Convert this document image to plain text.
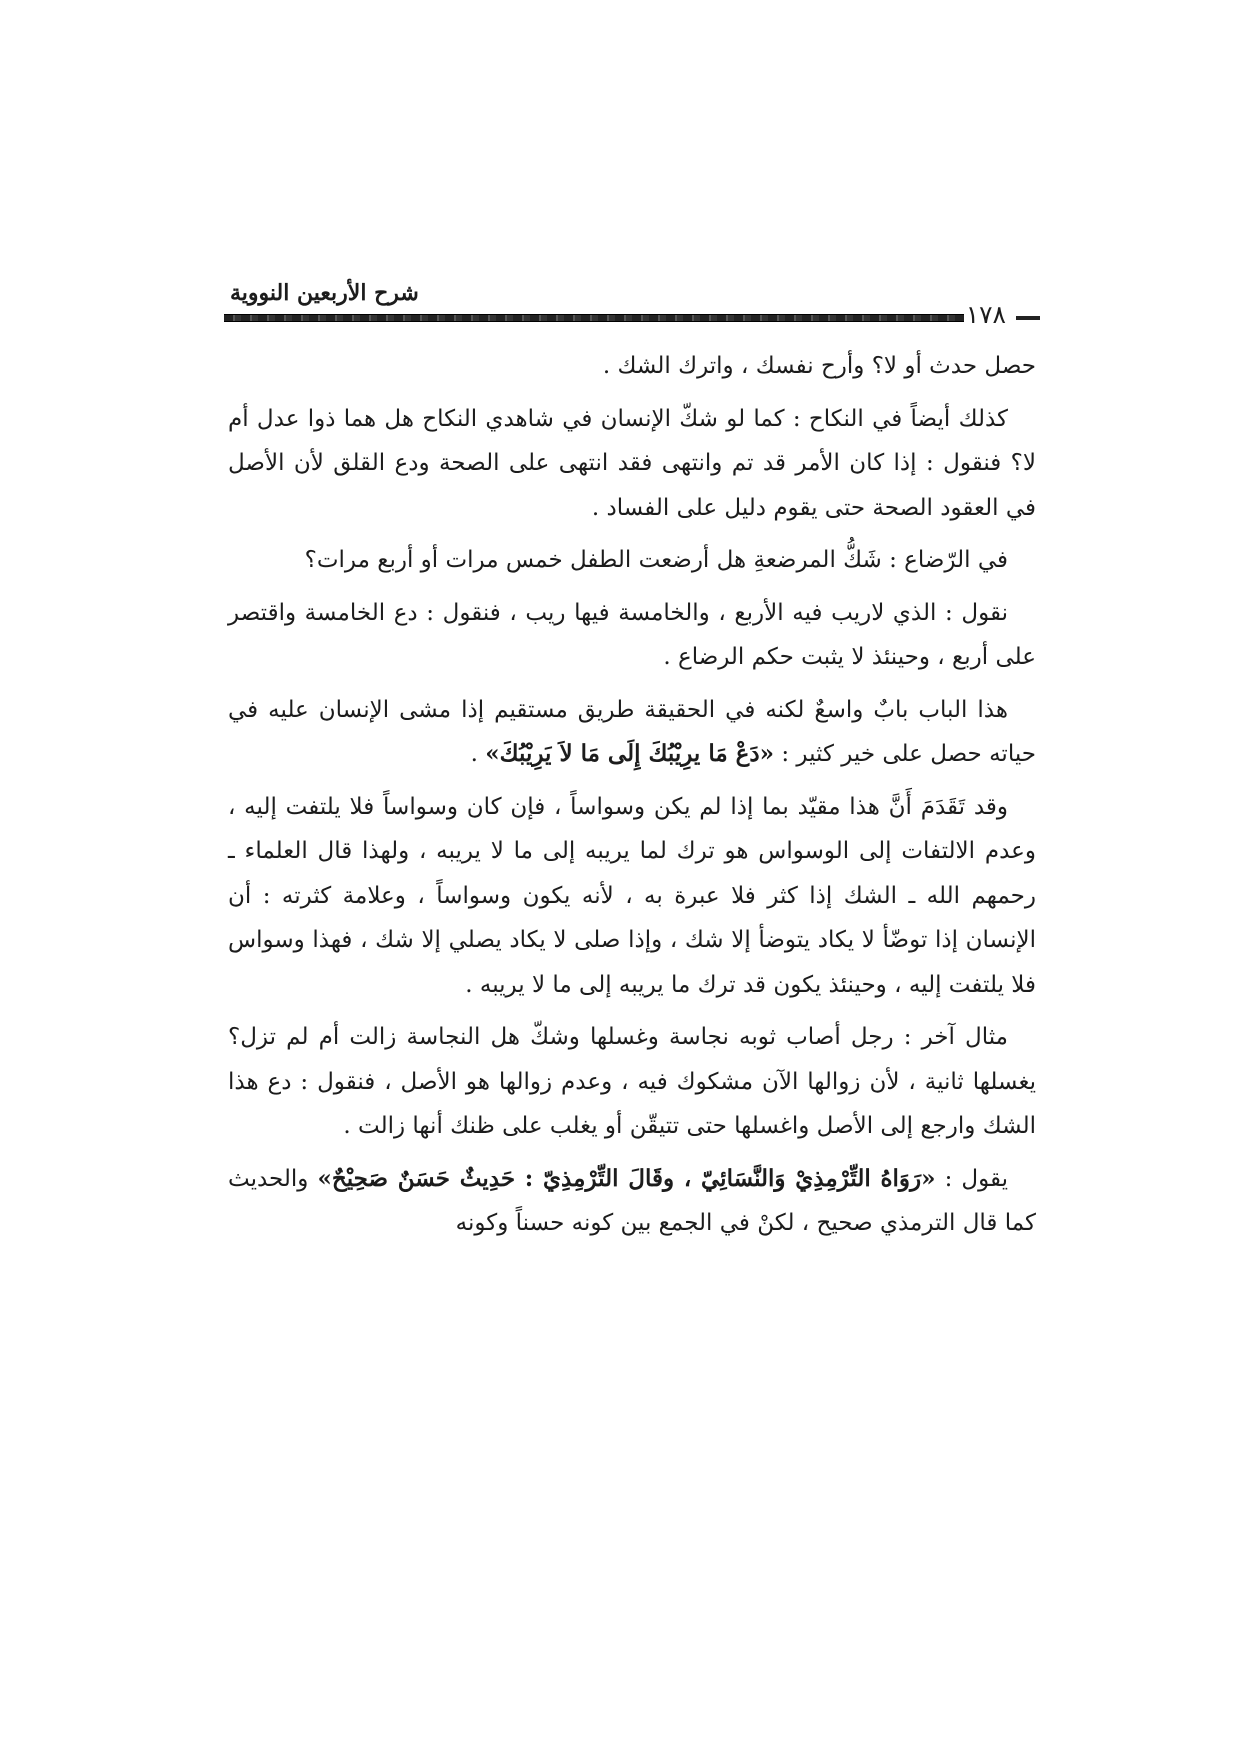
شرح الأربعين النووية
١٧٨

حصل حدث أو لا؟ وأرح نفسك ، واترك الشك .

كذلك أيضاً في النكاح : كما لو شكّ الإنسان في شاهدي النكاح هل هما ذوا عدل أم لا؟ فنقول : إذا كان الأمر قد تم وانتهى فقد انتهى على الصحة ودع القلق لأن الأصل في العقود الصحة حتى يقوم دليل على الفساد .

في الرّضاع : شَكُّ المرضعةِ هل أرضعت الطفل خمس مرات أو أربع مرات؟

نقول : الذي لاريب فيه الأربع ، والخامسة فيها ريب ، فنقول : دع الخامسة واقتصر على أربع ، وحينئذ لا يثبت حكم الرضاع .

هذا الباب بابٌ واسعٌ لكنه في الحقيقة طريق مستقيم إذا مشى الإنسان عليه في حياته حصل على خير كثير : «دَعْ مَا يرِيْبُكَ إِلَى مَا لاَ يَرِيْبُكَ» .

وقد تَقَدَمَ أَنَّ هذا مقيّد بما إذا لم يكن وسواساً ، فإن كان وسواساً فلا يلتفت إليه ، وعدم الالتفات إلى الوسواس هو ترك لما يريبه إلى ما لا يريبه ، ولهذا قال العلماء ـ رحمهم الله ـ الشك إذا كثر فلا عبرة به ، لأنه يكون وسواساً ، وعلامة كثرته : أن الإنسان إذا توضّأ لا يكاد يتوضأ إلا شك ، وإذا صلى لا يكاد يصلي إلا شك ، فهذا وسواس فلا يلتفت إليه ، وحينئذ يكون قد ترك ما يريبه إلى ما لا يريبه .

مثال آخر : رجل أصاب ثوبه نجاسة وغسلها وشكّ هل النجاسة زالت أم لم تزل؟ يغسلها ثانية ، لأن زوالها الآن مشكوك فيه ، وعدم زوالها هو الأصل ، فنقول : دع هذا الشك وارجع إلى الأصل واغسلها حتى تتيقّن أو يغلب على ظنك أنها زالت .

يقول : «رَوَاهُ التِّرْمِذِيْ وَالنَّسَائِيّ ، وقَالَ التِّرْمِذِيّ : حَدِيثٌ حَسَنٌ صَحِيْحٌ» والحديث كما قال الترمذي صحيح ، لكنْ في الجمع بين كونه حسناً وكونه
